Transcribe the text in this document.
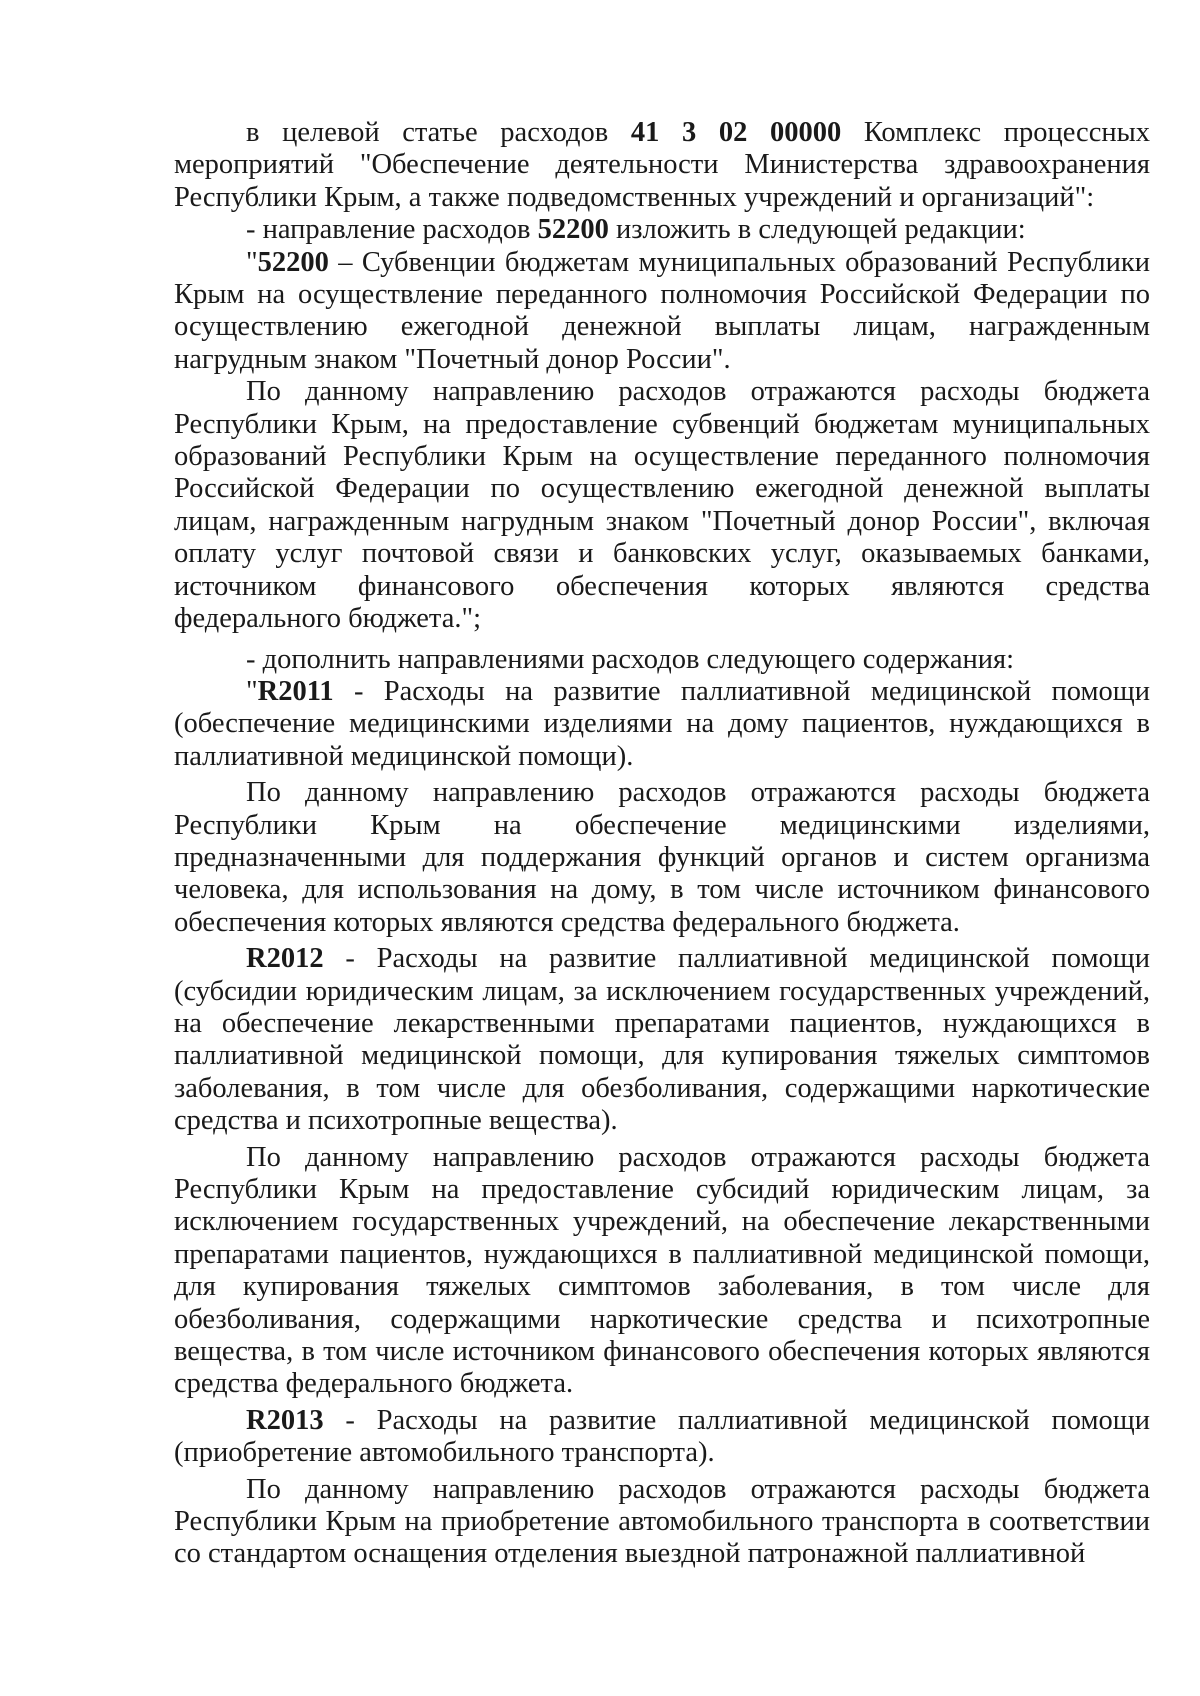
в целевой статье расходов 41 3 02 00000 Комплекс процессных мероприятий "Обеспечение деятельности Министерства здравоохранения Республики Крым, а также подведомственных учреждений и организаций":

- направление расходов 52200 изложить в следующей редакции:

"52200 – Субвенции бюджетам муниципальных образований Республики Крым на осуществление переданного полномочия Российской Федерации по осуществлению ежегодной денежной выплаты лицам, награжденным нагрудным знаком "Почетный донор России".

По данному направлению расходов отражаются расходы бюджета Республики Крым, на предоставление субвенций бюджетам муниципальных образований Республики Крым на осуществление переданного полномочия Российской Федерации по осуществлению ежегодной денежной выплаты лицам, награжденным нагрудным знаком "Почетный донор России", включая оплату услуг почтовой связи и банковских услуг, оказываемых банками, источником финансового обеспечения которых являются средства федерального бюджета.";

- дополнить направлениями расходов следующего содержания:

"R2011 - Расходы на развитие паллиативной медицинской помощи (обеспечение медицинскими изделиями на дому пациентов, нуждающихся в паллиативной медицинской помощи).

По данному направлению расходов отражаются расходы бюджета Республики Крым на обеспечение медицинскими изделиями, предназначенными для поддержания функций органов и систем организма человека, для использования на дому, в том числе источником финансового обеспечения которых являются средства федерального бюджета.

R2012 - Расходы на развитие паллиативной медицинской помощи (субсидии юридическим лицам, за исключением государственных учреждений, на обеспечение лекарственными препаратами пациентов, нуждающихся в паллиативной медицинской помощи, для купирования тяжелых симптомов заболевания, в том числе для обезболивания, содержащими наркотические средства и психотропные вещества).

По данному направлению расходов отражаются расходы бюджета Республики Крым на предоставление субсидий юридическим лицам, за исключением государственных учреждений, на обеспечение лекарственными препаратами пациентов, нуждающихся в паллиативной медицинской помощи, для купирования тяжелых симптомов заболевания, в том числе для обезболивания, содержащими наркотические средства и психотропные вещества, в том числе источником финансового обеспечения которых являются средства федерального бюджета.

R2013 - Расходы на развитие паллиативной медицинской помощи (приобретение автомобильного транспорта).

По данному направлению расходов отражаются расходы бюджета Республики Крым на приобретение автомобильного транспорта в соответствии со стандартом оснащения отделения выездной патронажной паллиативной
